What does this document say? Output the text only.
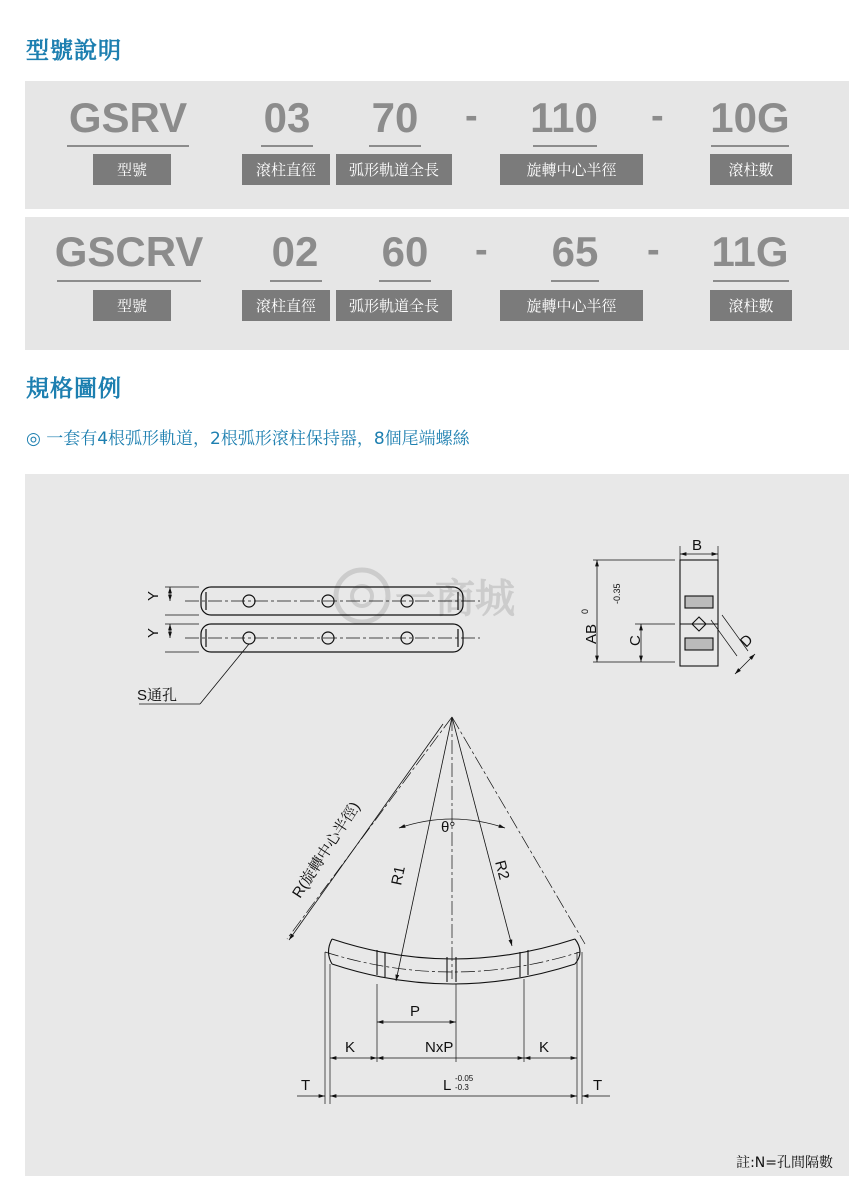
型號說明
GSRV	03	70	- 110 - 10G
型號	滾柱直徑	弧形軌道全長	旋轉中心半徑	滾柱數
GSCRV	02	60	-	65	- 11G
型號	滾柱直徑	弧形軌道全長	旋轉中心半徑	滾柱數
規格圖例
◎ 一套有4根弧形軌道，2根弧形滾柱保持器，8個尾端螺絲
一商城
Y
Y
S通孔
B
AB
0
-0.35
C	D
θ°
R(旋轉中心半徑) R1	R2
P
K	NxP	K
L -0.05
-0.3
T	T
註:N=孔間隔數
